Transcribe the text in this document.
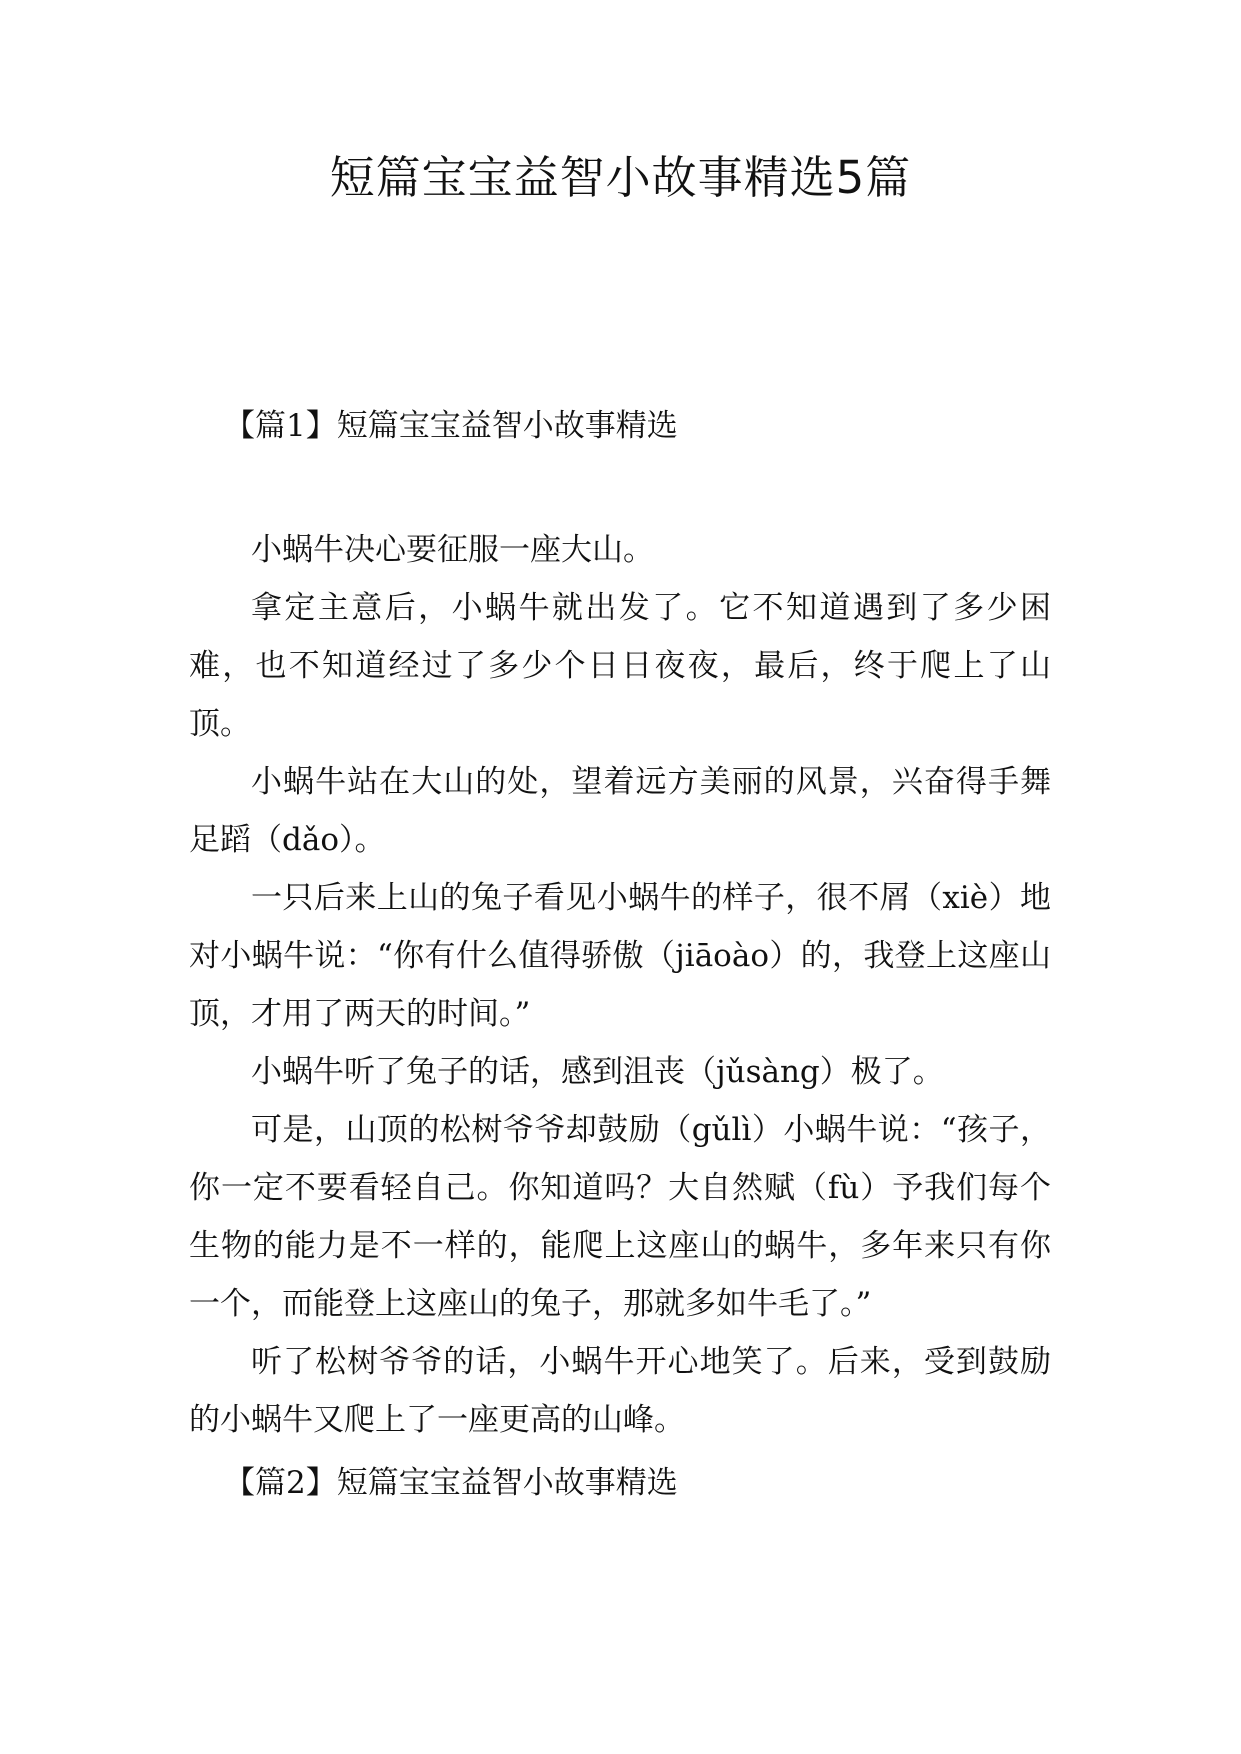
短篇宝宝益智小故事精选5篇
【篇1】短篇宝宝益智小故事精选

小蜗牛决心要征服一座大山。

拿定主意后，小蜗牛就出发了。它不知道遇到了多少困难，也不知道经过了多少个日日夜夜，最后，终于爬上了山顶。

小蜗牛站在大山的处，望着远方美丽的风景，兴奋得手舞足蹈（dǎo）。

一只后来上山的兔子看见小蜗牛的样子，很不屑（xiè）地对小蜗牛说：“你有什么值得骄傲（jiāoào）的，我登上这座山顶，才用了两天的时间。”

小蜗牛听了兔子的话，感到沮丧（jǔsàng）极了。

可是，山顶的松树爷爷却鼓励（gǔlì）小蜗牛说：“孩子，你一定不要看轻自己。你知道吗？大自然赋（fù）予我们每个生物的能力是不一样的，能爬上这座山的蜗牛，多年来只有你一个，而能登上这座山的兔子，那就多如牛毛了。”

听了松树爷爷的话，小蜗牛开心地笑了。后来，受到鼓励的小蜗牛又爬上了一座更高的山峰。

【篇2】短篇宝宝益智小故事精选
